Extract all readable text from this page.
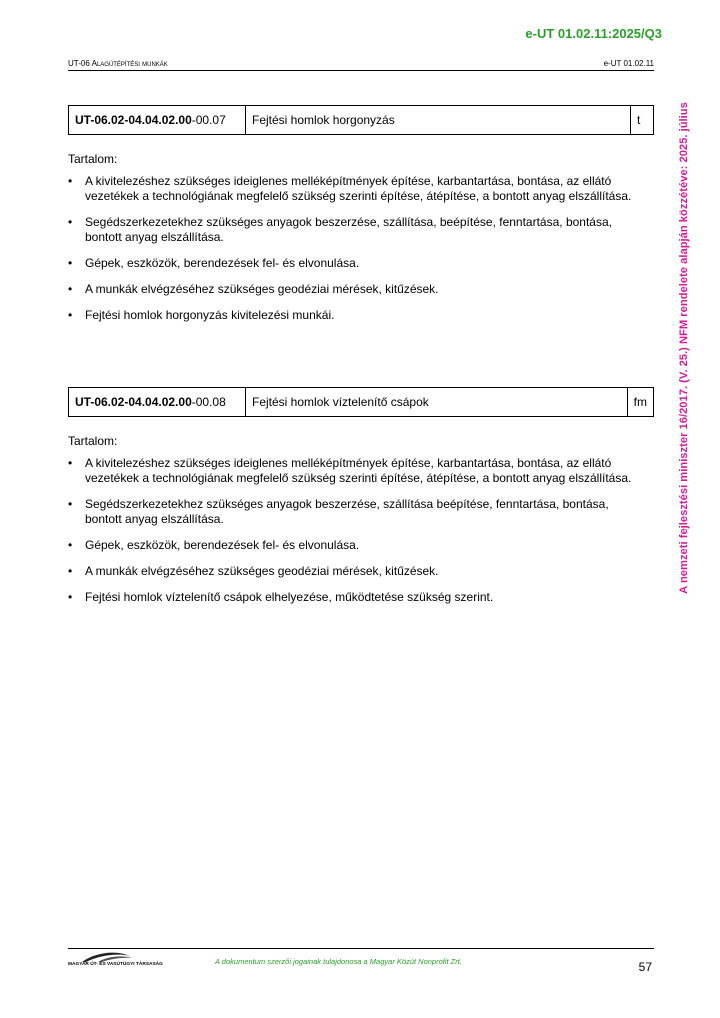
e-UT 01.02.11:2025/Q3
UT-06 Alagútépítési munkák	e-UT 01.02.11
A nemzeti fejlesztési miniszter 16/2017. (V. 25.) NFM rendelete alapján közzétéve: 2025. július
UT-06.02-04.04.02.00-00.07	Fejtési homlok horgonyzás	t
Tartalom:
• A kivitelezéshez szükséges ideiglenes melléképítmények építése, karbantartása, bontása, az ellátó vezetékek a technológiának megfelelő szükség szerinti építése, átépítése, a bontott anyag elszállítása.
• Segédszerkezetekhez szükséges anyagok beszerzése, szállítása, beépítése, fenntartása, bontása, bontott anyag elszállítása.
• Gépek, eszközök, berendezések fel- és elvonulása.
• A munkák elvégzéséhez szükséges geodéziai mérések, kitűzések.
• Fejtési homlok horgonyzás kivitelezési munkái.
UT-06.02-04.04.02.00-00.08	Fejtési homlok víztelenítő csápok	fm
Tartalom:
• A kivitelezéshez szükséges ideiglenes melléképítmények építése, karbantartása, bontása, az ellátó vezetékek a technológiának megfelelő szükség szerinti építése, átépítése, a bontott anyag elszállítása.
• Segédszerkezetekhez szükséges anyagok beszerzése, szállítása beépítése, fenntartása, bontása, bontott anyag elszállítása.
• Gépek, eszközök, berendezések fel- és elvonulása.
• A munkák elvégzéséhez szükséges geodéziai mérések, kitűzések.
• Fejtési homlok víztelenítő csápok elhelyezése, működtetése szükség szerint.
MAGYAR ÚT- ÉS VASÚTÜGYI TÁRSASÁG	A dokumentum szerzői jogainak tulajdonosa a Magyar Közút Nonprofit Zrt.	57
